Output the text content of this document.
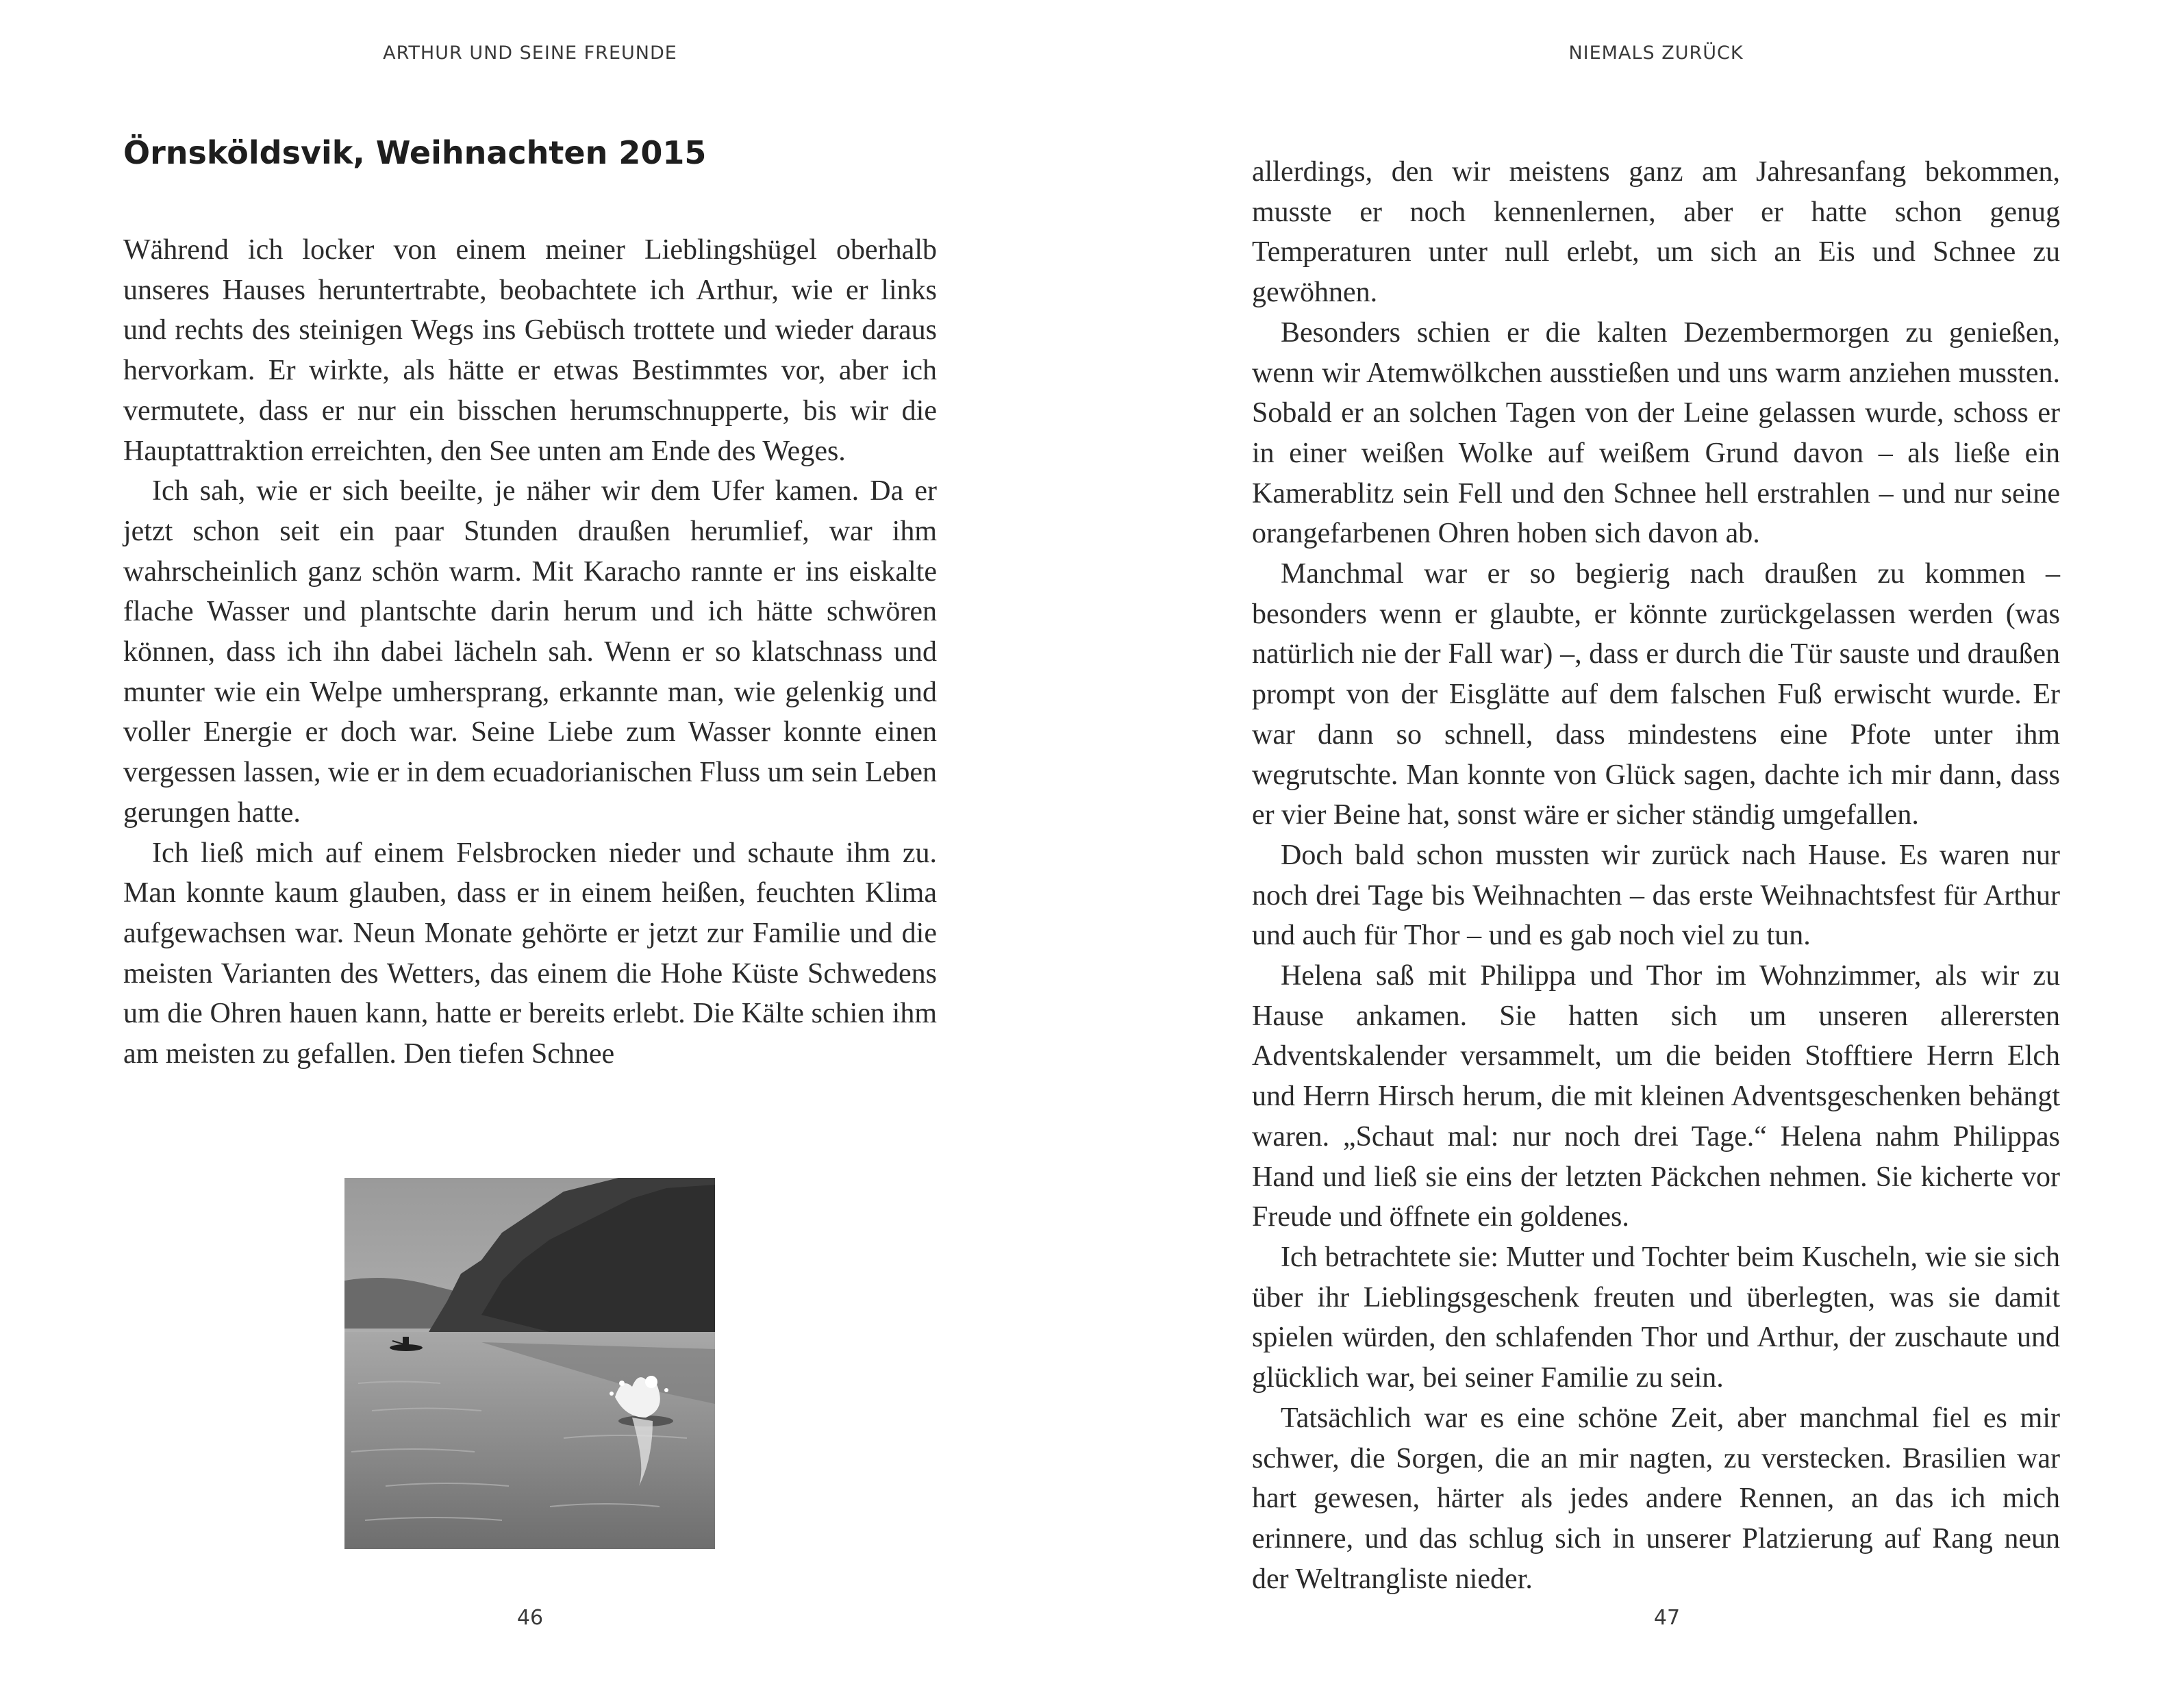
ARTHUR UND SEINE FREUNDE
Örnsköldsvik, Weihnachten 2015

Während ich locker von einem meiner Lieblingshügel oberhalb unseres Hauses heruntertrabte, beobachtete ich Arthur, wie er links und rechts des steinigen Wegs ins Gebüsch trottete und wieder daraus hervorkam. Er wirkte, als hätte er etwas Bestimmtes vor, aber ich vermutete, dass er nur ein bisschen herumschnupperte, bis wir die Hauptattraktion erreichten, den See unten am Ende des Weges.

Ich sah, wie er sich beeilte, je näher wir dem Ufer kamen. Da er jetzt schon seit ein paar Stunden draußen herumlief, war ihm wahrscheinlich ganz schön warm. Mit Karacho rannte er ins eiskalte flache Wasser und plantschte darin herum und ich hätte schwören können, dass ich ihn dabei lächeln sah. Wenn er so klatschnass und munter wie ein Welpe umhersprang, erkannte man, wie gelenkig und voller Energie er doch war. Seine Liebe zum Wasser konnte einen vergessen lassen, wie er in dem ecuadorianischen Fluss um sein Leben gerungen hatte.

Ich ließ mich auf einem Felsbrocken nieder und schaute ihm zu. Man konnte kaum glauben, dass er in einem heißen, feuchten Klima aufgewachsen war. Neun Monate gehörte er jetzt zur Familie und die meisten Varianten des Wetters, das einem die Hohe Küste Schwedens um die Ohren hauen kann, hatte er bereits erlebt. Die Kälte schien ihm am meisten zu gefallen. Den tiefen Schnee

46
NIEMALS ZURÜCK

allerdings, den wir meistens ganz am Jahresanfang bekommen, musste er noch kennenlernen, aber er hatte schon genug Temperaturen unter null erlebt, um sich an Eis und Schnee zu gewöhnen.

Besonders schien er die kalten Dezembermorgen zu genießen, wenn wir Atemwölkchen ausstießen und uns warm anziehen mussten. Sobald er an solchen Tagen von der Leine gelassen wurde, schoss er in einer weißen Wolke auf weißem Grund davon – als ließe ein Kamerablitz sein Fell und den Schnee hell erstrahlen – und nur seine orangefarbenen Ohren hoben sich davon ab.

Manchmal war er so begierig nach draußen zu kommen – besonders wenn er glaubte, er könnte zurückgelassen werden (was natürlich nie der Fall war) –, dass er durch die Tür sauste und draußen prompt von der Eisglätte auf dem falschen Fuß erwischt wurde. Er war dann so schnell, dass mindestens eine Pfote unter ihm wegrutschte. Man konnte von Glück sagen, dachte ich mir dann, dass er vier Beine hat, sonst wäre er sicher ständig umgefallen.

Doch bald schon mussten wir zurück nach Hause. Es waren nur noch drei Tage bis Weihnachten – das erste Weihnachtsfest für Arthur und auch für Thor – und es gab noch viel zu tun.

Helena saß mit Philippa und Thor im Wohnzimmer, als wir zu Hause ankamen. Sie hatten sich um unseren allerersten Adventskalender versammelt, um die beiden Stofftiere Herrn Elch und Herrn Hirsch herum, die mit kleinen Adventsgeschenken behängt waren. „Schaut mal: nur noch drei Tage.“ Helena nahm Philippas Hand und ließ sie eins der letzten Päckchen nehmen. Sie kicherte vor Freude und öffnete ein goldenes.

Ich betrachtete sie: Mutter und Tochter beim Kuscheln, wie sie sich über ihr Lieblingsgeschenk freuten und überlegten, was sie damit spielen würden, den schlafenden Thor und Arthur, der zuschaute und glücklich war, bei seiner Familie zu sein.

Tatsächlich war es eine schöne Zeit, aber manchmal fiel es mir schwer, die Sorgen, die an mir nagten, zu verstecken. Brasilien war hart gewesen, härter als jedes andere Rennen, an das ich mich erinnere, und das schlug sich in unserer Platzierung auf Rang neun der Weltrangliste nieder.

47
